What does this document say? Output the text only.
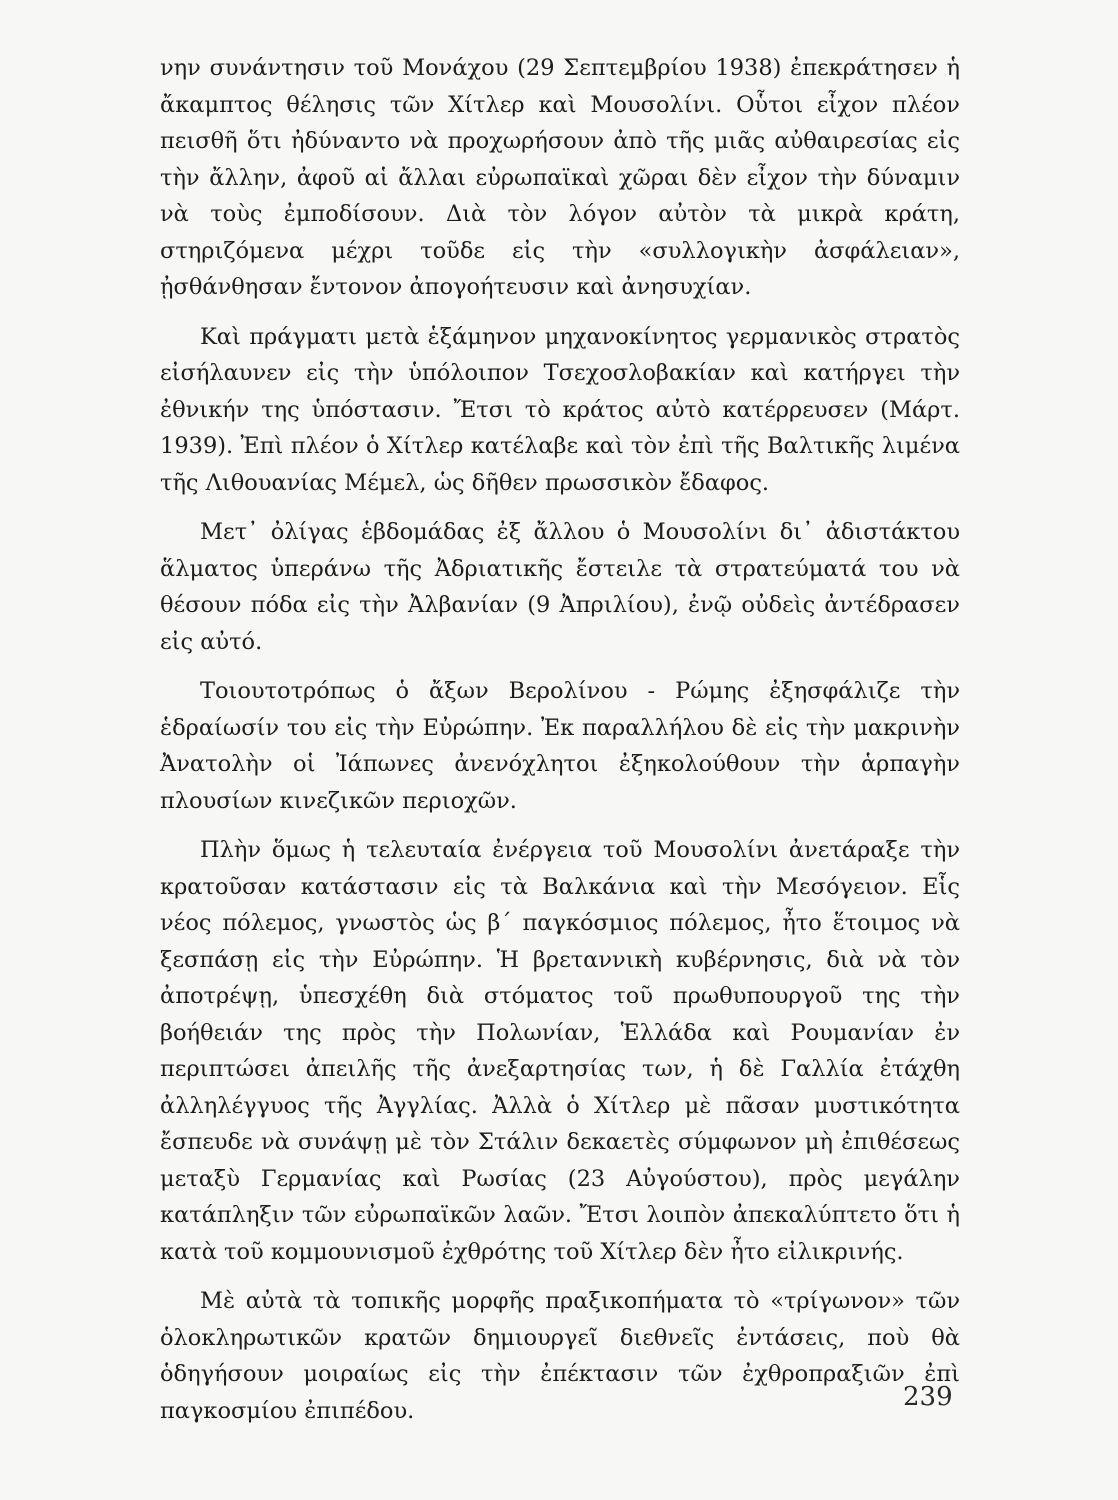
νην συνάντησιν τοῦ Μονάχου (29 Σεπτεμβρίου 1938) ἐπεκράτησεν ἡ ἄκαμπτος θέλησις τῶν Χίτλερ καὶ Μουσολίνι. Οὗτοι εἶχον πλέον πεισθῆ ὅτι ἠδύναντο νὰ προχωρήσουν ἀπὸ τῆς μιᾶς αὐθαιρεσίας εἰς τὴν ἄλλην, ἀφοῦ αἱ ἄλλαι εὐρωπαϊκαὶ χῶραι δὲν εἶχον τὴν δύναμιν νὰ τοὺς ἐμποδίσουν. Διὰ τὸν λόγον αὐτὸν τὰ μικρὰ κράτη, στηριζόμενα μέχρι τοῦδε εἰς τὴν «συλλογικὴν ἀσφάλειαν», ᾐσθάνθησαν ἔντονον ἀπογοήτευσιν καὶ ἀνησυχίαν.

Καὶ πράγματι μετὰ ἑξάμηνον μηχανοκίνητος γερμανικὸς στρατὸς εἰσήλαυνεν εἰς τὴν ὑπόλοιπον Τσεχοσλοβακίαν καὶ κατήργει τὴν ἐθνικήν της ὑπόστασιν. Ἔτσι τὸ κράτος αὐτὸ κατέρρευσεν (Μάρτ. 1939). Ἐπὶ πλέον ὁ Χίτλερ κατέλαβε καὶ τὸν ἐπὶ τῆς Βαλτικῆς λιμένα τῆς Λιθουανίας Μέμελ, ὡς δῆθεν πρωσσικὸν ἔδαφος.

Μετ᾽ ὀλίγας ἑβδομάδας ἐξ ἄλλου ὁ Μουσολίνι δι᾽ ἀδιστάκτου ἅλματος ὑπεράνω τῆς Ἀδριατικῆς ἔστειλε τὰ στρατεύματά του νὰ θέσουν πόδα εἰς τὴν Ἀλβανίαν (9 Ἀπριλίου), ἐνῷ οὐδεὶς ἀντέδρασεν εἰς αὐτό.

Τοιουτοτρόπως ὁ ἄξων Βερολίνου - Ρώμης ἐξησφάλιζε τὴν ἑδραίωσίν του εἰς τὴν Εὐρώπην. Ἐκ παραλλήλου δὲ εἰς τὴν μακρινὴν Ἀνατολὴν οἱ Ἰάπωνες ἀνενόχλητοι ἐξηκολούθουν τὴν ἁρπαγὴν πλουσίων κινεζικῶν περιοχῶν.

Πλὴν ὅμως ἡ τελευταία ἐνέργεια τοῦ Μουσολίνι ἀνετάραξε τὴν κρατοῦσαν κατάστασιν εἰς τὰ Βαλκάνια καὶ τὴν Μεσόγειον. Εἷς νέος πόλεμος, γνωστὸς ὡς β΄ παγκόσμιος πόλεμος, ἦτο ἕτοιμος νὰ ξεσπάσῃ εἰς τὴν Εὐρώπην. Ἡ βρεταννικὴ κυβέρνησις, διὰ νὰ τὸν ἀποτρέψῃ, ὑπεσχέθη διὰ στόματος τοῦ πρωθυπουργοῦ της τὴν βοήθειάν της πρὸς τὴν Πολωνίαν, Ἑλλάδα καὶ Ρουμανίαν ἐν περιπτώσει ἀπειλῆς τῆς ἀνεξαρτησίας των, ἡ δὲ Γαλλία ἐτάχθη ἀλληλέγγυος τῆς Ἀγγλίας. Ἀλλὰ ὁ Χίτλερ μὲ πᾶσαν μυστικότητα ἔσπευδε νὰ συνάψῃ μὲ τὸν Στάλιν δεκαετὲς σύμφωνον μὴ ἐπιθέσεως μεταξὺ Γερμανίας καὶ Ρωσίας (23 Αὐγούστου), πρὸς μεγάλην κατάπληξιν τῶν εὐρωπαϊκῶν λαῶν. Ἔτσι λοιπὸν ἀπεκαλύπτετο ὅτι ἡ κατὰ τοῦ κομμουνισμοῦ ἐχθρότης τοῦ Χίτλερ δὲν ἦτο εἰλικρινής.

Μὲ αὐτὰ τὰ τοπικῆς μορφῆς πραξικοπήματα τὸ «τρίγωνον» τῶν ὁλοκληρωτικῶν κρατῶν δημιουργεῖ διεθνεῖς ἐντάσεις, ποὺ θὰ ὁδηγήσουν μοιραίως εἰς τὴν ἐπέκτασιν τῶν ἐχθροπραξιῶν ἐπὶ παγκοσμίου ἐπιπέδου.	239
